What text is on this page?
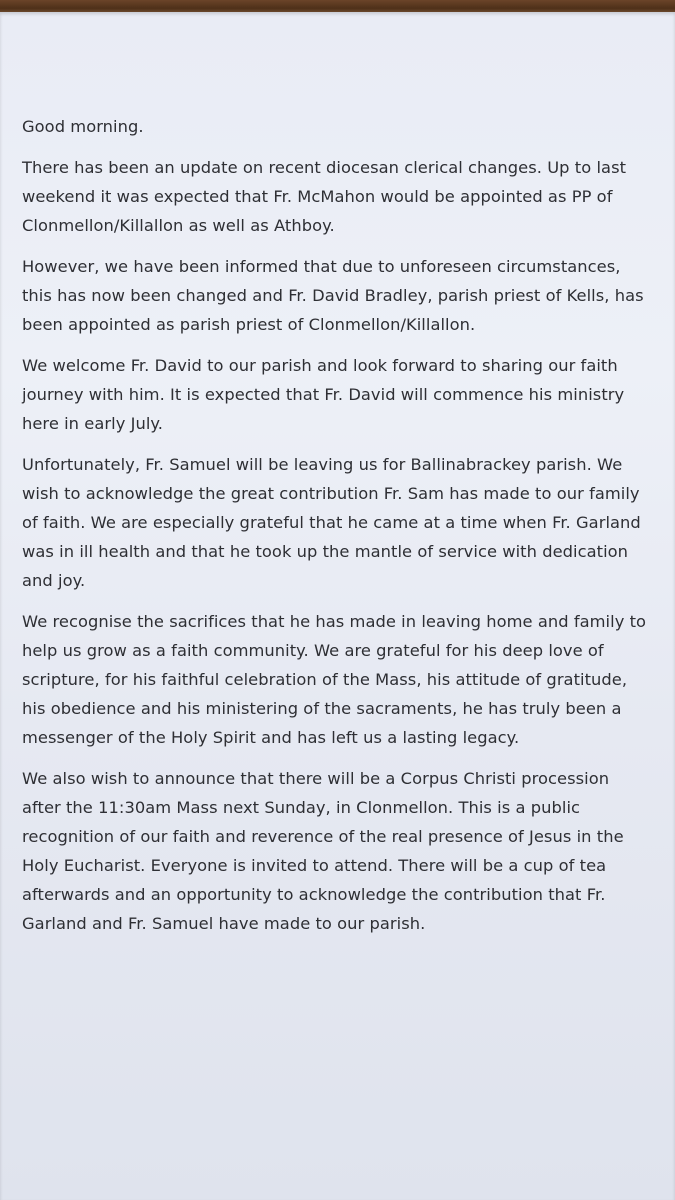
Good morning.

There has been an update on recent diocesan clerical changes. Up to last
weekend it was expected that Fr. McMahon would be appointed as PP of
Clonmellon/Killallon as well as Athboy.

However, we have been informed that due to unforeseen circumstances,
this has now been changed and Fr. David Bradley, parish priest of Kells, has
been appointed as parish priest of Clonmellon/Killallon.

We welcome Fr. David to our parish and look forward to sharing our faith
journey with him. It is expected that Fr. David will commence his ministry
here in early July.

Unfortunately, Fr. Samuel will be leaving us for Ballinabrackey parish. We
wish to acknowledge the great contribution Fr. Sam has made to our family
of faith. We are especially grateful that he came at a time when Fr. Garland
was in ill health and that he took up the mantle of service with dedication
and joy.

We recognise the sacrifices that he has made in leaving home and family to
help us grow as a faith community. We are grateful for his deep love of
scripture, for his faithful celebration of the Mass, his attitude of gratitude,
his obedience and his ministering of the sacraments, he has truly been a
messenger of the Holy Spirit and has left us a lasting legacy.

We also wish to announce that there will be a Corpus Christi procession
after the 11:30am Mass next Sunday, in Clonmellon. This is a public
recognition of our faith and reverence of the real presence of Jesus in the
Holy Eucharist. Everyone is invited to attend. There will be a cup of tea
afterwards and an opportunity to acknowledge the contribution that Fr.
Garland and Fr. Samuel have made to our parish.
